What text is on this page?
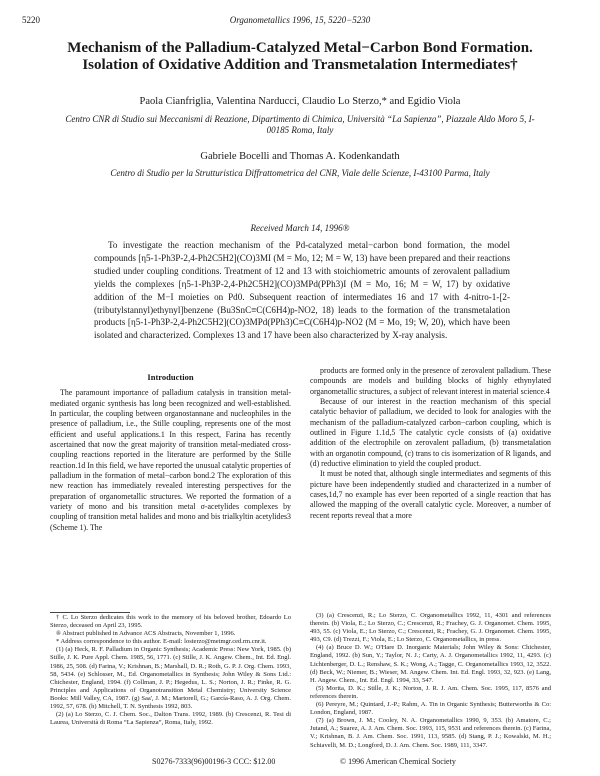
5220	Organometallics 1996, 15, 5220−5230
Mechanism of the Palladium-Catalyzed Metal−Carbon Bond Formation. Isolation of Oxidative Addition and Transmetalation Intermediates†
Paola Cianfriglia, Valentina Narducci, Claudio Lo Sterzo,* and Egidio Viola
Centro CNR di Studio sui Meccanismi di Reazione, Dipartimento di Chimica, Università “La Sapienza”, Piazzale Aldo Moro 5, I-00185 Roma, Italy
Gabriele Bocelli and Thomas A. Kodenkandath
Centro di Studio per la Strutturistica Diffrattometrica del CNR, Viale delle Scienze, I-43100 Parma, Italy
Received March 14, 1996®

To investigate the reaction mechanism of the Pd-catalyzed metal−carbon bond formation, the model compounds [η5-1-Ph3P-2,4-Ph2C5H2](CO)3MI (M = Mo, 12; M = W, 13) have been prepared and their reactions studied under coupling conditions. Treatment of 12 and 13 with stoichiometric amounts of zerovalent palladium yields the complexes [η5-1-Ph3P-2,4-Ph2C5H2](CO)3MPd(PPh3)I (M = Mo, 16; M = W, 17) by oxidative addition of the M−I moieties on Pd0. Subsequent reaction of intermediates 16 and 17 with 4-nitro-1-[2-(tributylstannyl)ethynyl]benzene (Bu3SnC≡C(C6H4)p-NO2, 18) leads to the formation of the transmetalation products [η5-1-Ph3P-2,4-Ph2C5H2](CO)3MPd(PPh3)C≡C(C6H4)p-NO2 (M = Mo, 19; W, 20), which have been isolated and characterized. Complexes 13 and 17 have been also characterized by X-ray analysis.

Introduction

The paramount importance of palladium catalysis in transition metal-mediated organic synthesis has long been recognized and well-established. In particular, the coupling between organostannane and nucleophiles in the presence of palladium, i.e., the Stille coupling, represents one of the most efficient and useful applications.1 In this respect, Farina has recently ascertained that now the great majority of transition metal-mediated cross-coupling reactions reported in the literature are performed by the Stille reaction.1d In this field, we have reported the unusual catalytic properties of palladium in the formation of metal−carbon bond.2 The exploration of this new reaction has immediately revealed interesting perspectives for the preparation of organometallic structures. We reported the formation of a variety of mono and bis transition metal σ-acetylides complexes by coupling of transition metal halides and mono and bis trialkyltin acetylides3 (Scheme 1). The

products are formed only in the presence of zerovalent palladium. These compounds are models and building blocks of highly ethynylated organometallic structures, a subject of relevant interest in material science.4

Because of our interest in the reaction mechanism of this special catalytic behavior of palladium, we decided to look for analogies with the mechanism of the palladium-catalyzed carbon−carbon coupling, which is outlined in Figure 1.1d,5 The catalytic cycle consists of (a) oxidative addition of the electrophile on zerovalent palladium, (b) transmetalation with an organotin compound, (c) trans to cis isomerization of R ligands, and (d) reductive elimination to yield the coupled product.

It must be noted that, although single intermediates and segments of this picture have been independently studied and characterized in a number of cases,1d,7 no example has ever been reported of a single reaction that has allowed the mapping of the overall catalytic cycle. Moreover, a number of recent reports reveal that a more

† C. Lo Sterzo dedicates this work to the memory of his beloved brother, Edoardo Lo Sterzo, deceased on April 23, 1995.

® Abstract published in Advance ACS Abstracts, November 1, 1996.

* Address correspondence to this author. E-mail: losterzo@metmgr.ced.rm.cnr.it.

(1) (a) Heck, R. F. Palladium in Organic Synthesis; Academic Press: New York, 1985. (b) Stille, J. K. Pure Appl. Chem. 1985, 56, 1771. (c) Stille, J. K. Angew. Chem., Int. Ed. Engl. 1986, 25, 508. (d) Farina, V.; Krishnan, B.; Marshall, D. R.; Roth, G. P. J. Org. Chem. 1993, 58, 5434. (e) Schlosser, M., Ed. Organometallics in Synthesis; John Wiley & Sons Ltd.: Chichester, England, 1994. (f) Collman, J. P.; Hegedus, L. S.; Norton, J. R.; Finke, R. G. Principles and Applications of Organotransition Metal Chemistry; University Science Books: Mill Valley, CA, 1987. (g) Saa', J. M.; Martorell, G.; García-Raso, A. J. Org. Chem. 1992, 57, 678. (h) Mitchell, T. N. Synthesis 1992, 803.

(2) (a) Lo Sterzo, C. J. Chem. Soc., Dalton Trans. 1992, 1989. (b) Crescenzi, R. Tesi di Laurea, Università di Roma “La Sapienza”, Roma, Italy, 1992.

(3) (a) Crescenzi, R.; Lo Sterzo, C. Organometallics 1992, 11, 4301 and references therein. (b) Viola, E.; Lo Sterzo, C.; Crescenzi, R.; Frachey, G. J. Organomet. Chem. 1995, 493, 55. (c) Viola, E.; Lo Sterzo, C.; Crescenzi, R.; Frachey, G. J. Organomet. Chem. 1995, 493, C9. (d) Trezzi, F.; Viola, E.; Lo Sterzo, C. Organometallics, in press.

(4) (a) Bruce D. W.; O'Hare D. Inorganic Materials; John Wiley & Sons: Chichester, England, 1992. (b) Sun, Y.; Taylor, N. J.; Carty, A. J. Organometallics 1992, 11, 4293. (c) Lichtenberger, D. L.; Renshaw, S. K.; Wong, A.; Tagge, C. Organometallics 1993, 12, 3522. (d) Beck, W.; Niemer, B.; Wieser, M. Angew. Chem. Int. Ed. Engl. 1993, 32, 923. (e) Lang, H. Angew. Chem., Int. Ed. Engl. 1994, 33, 547.

(5) Morita, D. K.; Stille, J. K.; Norton, J. R. J. Am. Chem. Soc. 1995, 117, 8576 and references therein.

(6) Pereyre, M.; Quintard, J.-P.; Rahm, A. Tin in Organic Synthesis; Butterworths & Co: London, England, 1987.

(7) (a) Brown, J. M.; Cooley, N. A. Organometallics 1990, 9, 353. (b) Amatore, C.; Jutand, A.; Suarez, A. J. Am. Chem. Soc. 1993, 115, 9531 and references therein. (c) Farina, V.; Krishnan, B. J. Am. Chem. Soc. 1991, 113, 9585. (d) Stang, P. J.; Kowalski, M. H.; Schiavelli, M. D.; Longford, D. J. Am. Chem. Soc. 1989, 111, 3347.

S0276-7333(96)00196-3 CCC: $12.00	© 1996 American Chemical Society
